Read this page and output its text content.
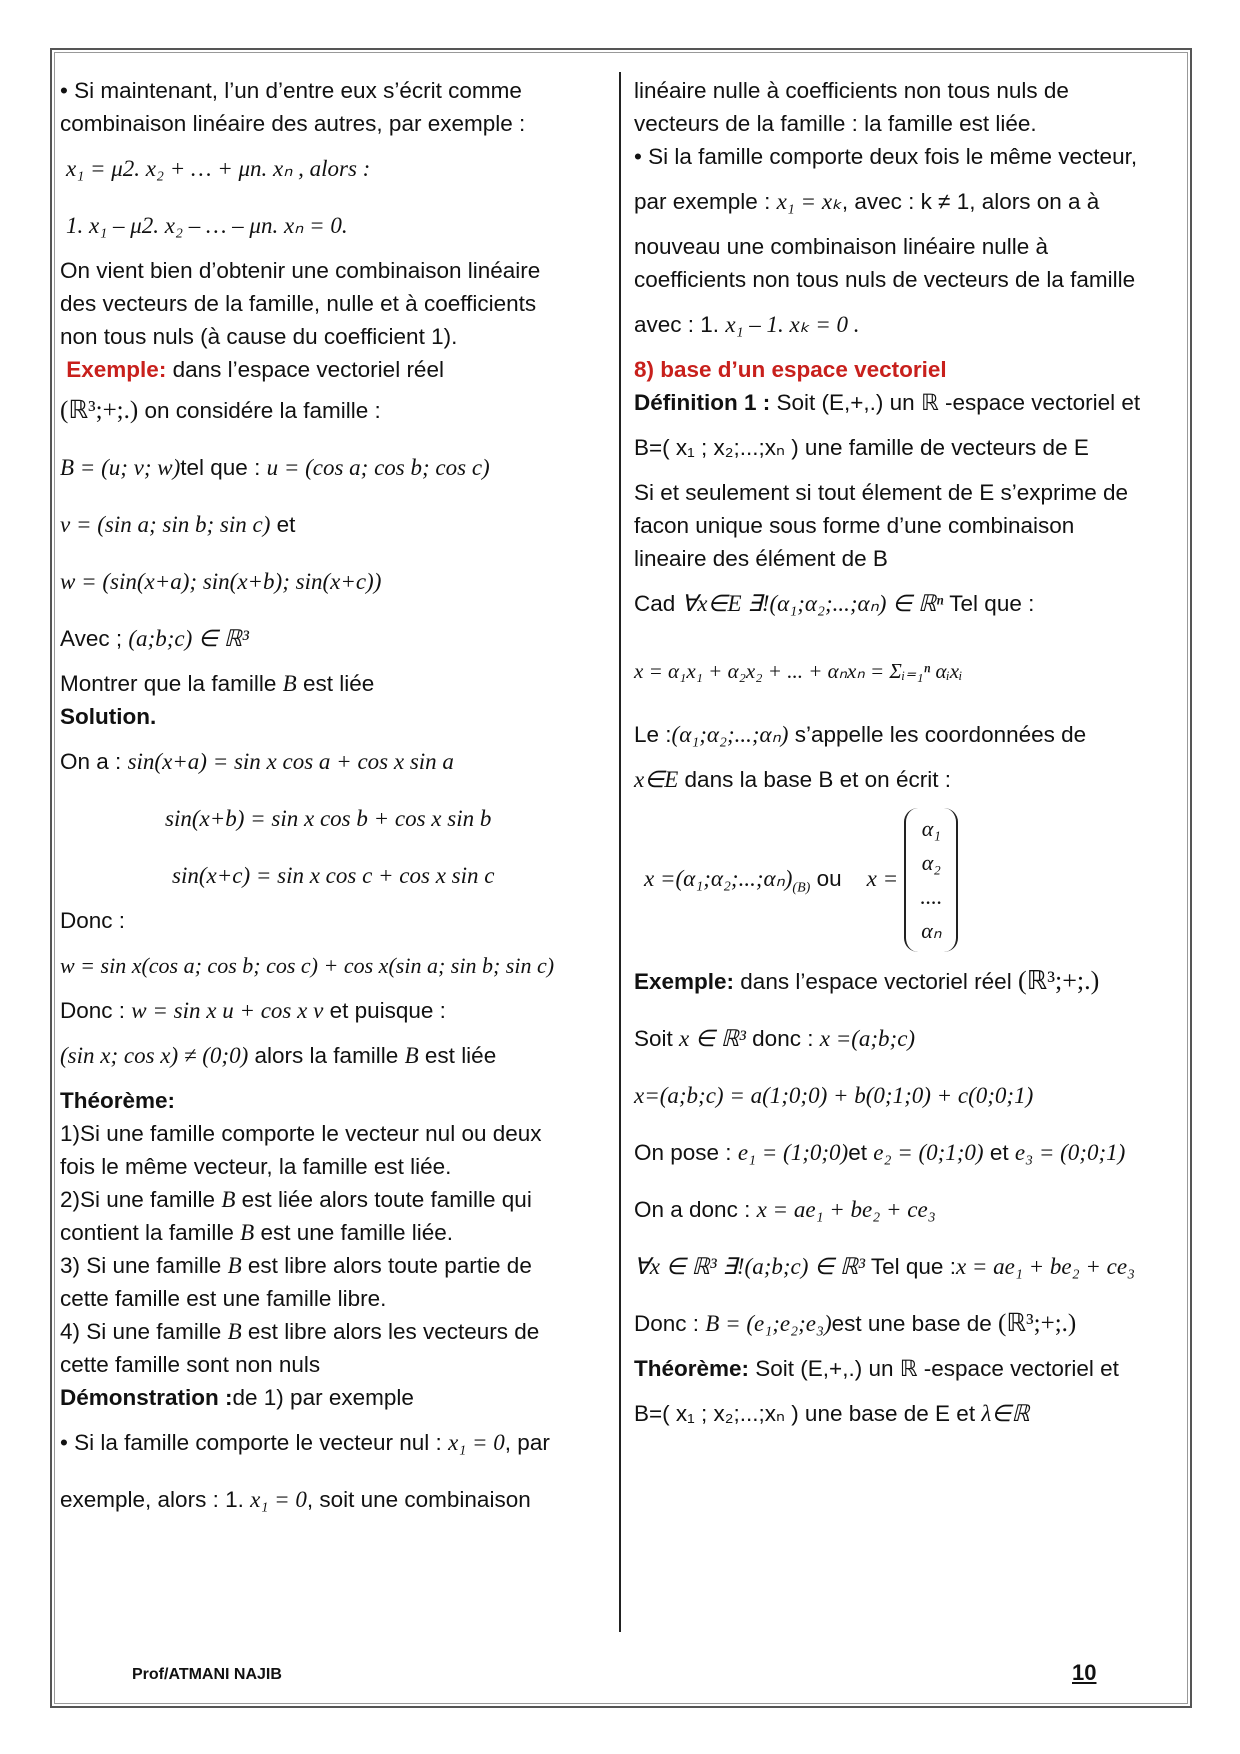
• Si maintenant, l’un d’entre eux s’écrit comme

combinaison linéaire des autres, par exemple :

x₁ = μ2. x₂ + … + μn. xₙ , alors :

1. x₁ – μ2. x₂ – … – μn. xₙ = 0.

On vient bien d’obtenir une combinaison linéaire

des vecteurs de la famille, nulle et à coefficients

non tous nuls (à cause du coefficient 1).

Exemple: dans l’espace vectoriel réel

(ℝ³;+;.) on considére la famille :

B = (u; v; w)tel que : u = (cos a; cos b; cos c)

v = (sin a; sin b; sin c) et

w = (sin(x+a); sin(x+b); sin(x+c))

Avec ; (a;b;c) ∈ ℝ³

Montrer que la famille B est liée

Solution.

On a : sin(x+a) = sin x cos a + cos x sin a

sin(x+b) = sin x cos b + cos x sin b

sin(x+c) = sin x cos c + cos x sin c

Donc :

w = sin x(cos a; cos b; cos c) + cos x(sin a; sin b; sin c)

Donc : w = sin x u + cos x v et puisque :

(sin x; cos x) ≠ (0;0) alors la famille B est liée

Théorème:

1)Si une famille comporte le vecteur nul ou deux

fois le même vecteur, la famille est liée.

2)Si une famille B est liée alors toute famille qui

contient la famille B est une famille liée.

3) Si une famille B est libre alors toute partie de

cette famille est une famille libre.

4) Si une famille B est libre alors les vecteurs de

cette famille sont non nuls

Démonstration :de 1) par exemple

• Si la famille comporte le vecteur nul : x₁ = 0, par

exemple, alors : 1. x₁ = 0, soit une combinaison

linéaire nulle à coefficients non tous nuls de

vecteurs de la famille : la famille est liée.

• Si la famille comporte deux fois le même vecteur,

par exemple : x₁ = xₖ, avec : k ≠ 1, alors on a à

nouveau une combinaison linéaire nulle à

coefficients non tous nuls de vecteurs de la famille

avec : 1. x₁ – 1. xₖ = 0 .

8) base d’un espace vectoriel

Définition 1 : Soit (E,+,.) un ℝ -espace vectoriel et

B=( x₁ ; x₂;...;xₙ ) une famille de vecteurs de E

Si et seulement si tout élement de E s’exprime de

facon unique sous forme d’une combinaison

lineaire des élément de B

Cad ∀x∈E ∃!(α₁;α₂;...;αₙ) ∈ ℝⁿ Tel que :

x = α₁x₁ + α₂x₂ + ... + αₙxₙ = Σᵢ₌₁ⁿ αᵢxᵢ

Le :(α₁;α₂;...;αₙ) s’appelle les coordonnées de

x∈E dans la base B et on écrit :

$x =(\alpha_1;\alpha_2;...;\alpha_n)_{(B)}$ ou x = α₁
α₂
....
αₙ

Exemple: dans l’espace vectoriel réel (ℝ³;+;.)

Soit x ∈ ℝ³ donc : x =(a;b;c)

x=(a;b;c) = a(1;0;0) + b(0;1;0) + c(0;0;1)

On pose : e₁ = (1;0;0)et e₂ = (0;1;0) et e₃ = (0;0;1)

On a donc : x = ae₁ + be₂ + ce₃

∀x ∈ ℝ³ ∃!(a;b;c) ∈ ℝ³ Tel que :x = ae₁ + be₂ + ce₃

Donc : B = (e₁;e₂;e₃)est une base de (ℝ³;+;.)

Théorème: Soit (E,+,.) un ℝ -espace vectoriel et

B=( x₁ ; x₂;...;xₙ ) une base de E et λ∈ℝ

Prof/ATMANI NAJIB	10
